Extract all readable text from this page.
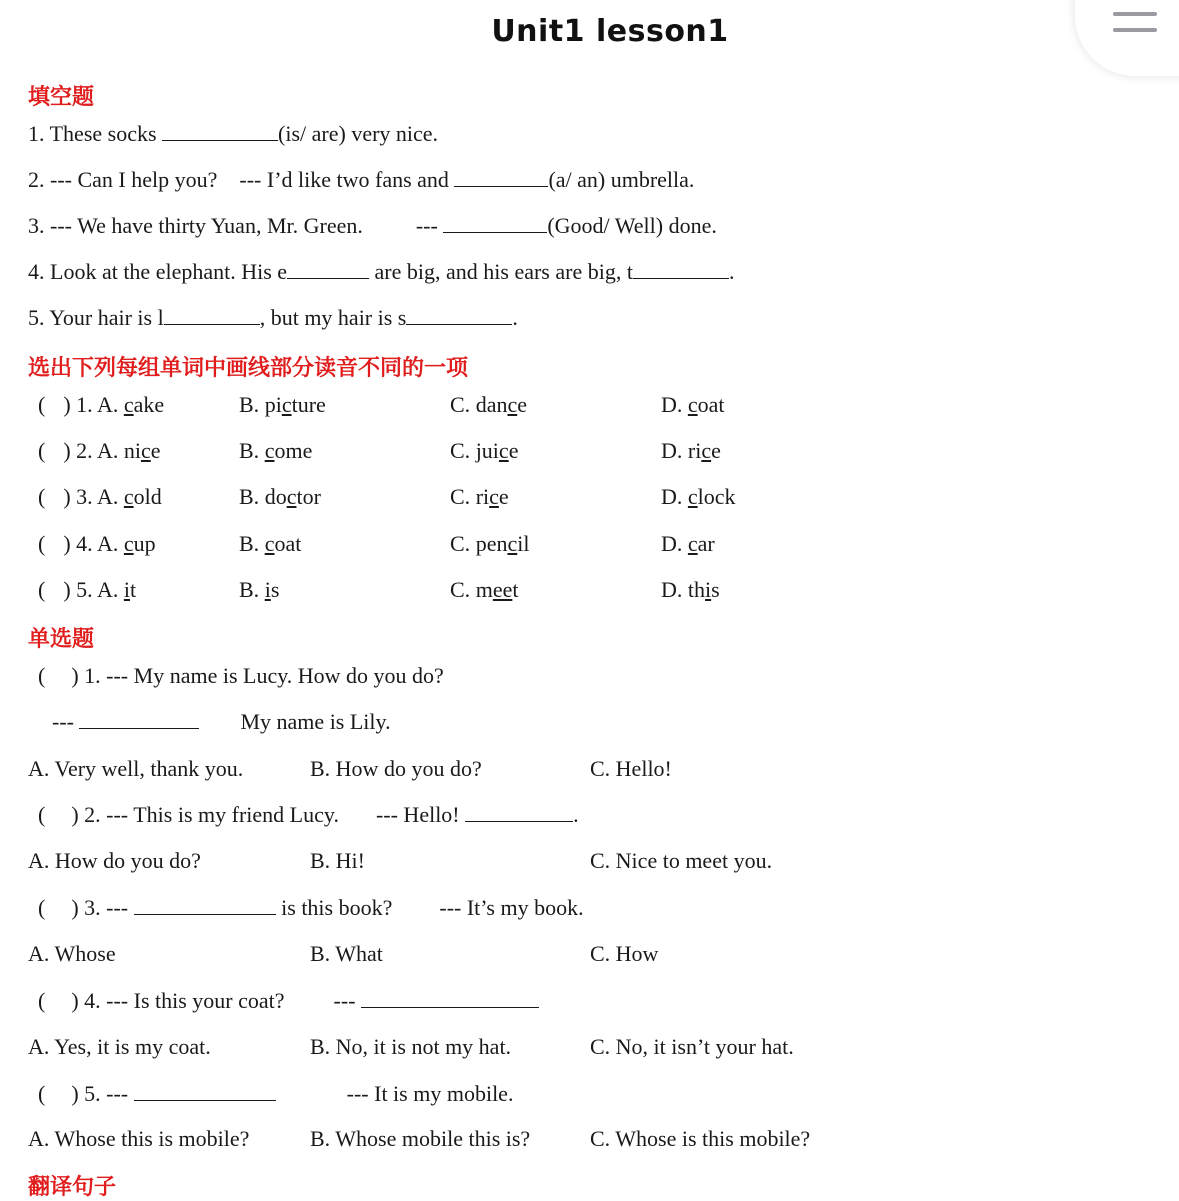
Unit1 lesson1
填空题
1. These socks	(is/ are) very nice.
2. --- Can I help you? --- I’d like two fans and	(a/ an) umbrella.
3. --- We have thirty Yuan, Mr. Green. ---	(Good/ Well) done.
4. Look at the elephant. His e	are big, and his ears are big, t	.
5. Your hair is l	, but my hair is s	.
选出下列每组单词中画线部分读音不同的一项
( ) 1. A. cake	B. picture	C. dance	D. coat
( ) 2. A. nice	B. come	C. juice	D. rice
( ) 3. A. cold	B. doctor	C. rice	D. clock
( ) 4. A. cup	B. coat	C. pencil	D. car
( ) 5. A. it	B. is	C. meet	D. this
单选题
( ) 1. --- My name is Lucy. How do you do?
---	My name is Lily.
A. Very well, thank you.	B. How do you do?	C. Hello!
( ) 2. --- This is my friend Lucy. --- Hello!	.
A. How do you do?	B. Hi!	C. Nice to meet you.
( ) 3. ---	is this book? --- It’s my book.
A. Whose	B. What	C. How
( ) 4. --- Is this your coat? ---
A. Yes, it is my coat.	B. No, it is not my hat.	C. No, it isn’t your hat.
( ) 5. ---	--- It is my mobile.
A. Whose this is mobile?	B. Whose mobile this is?	C. Whose is this mobile?
翻译句子
